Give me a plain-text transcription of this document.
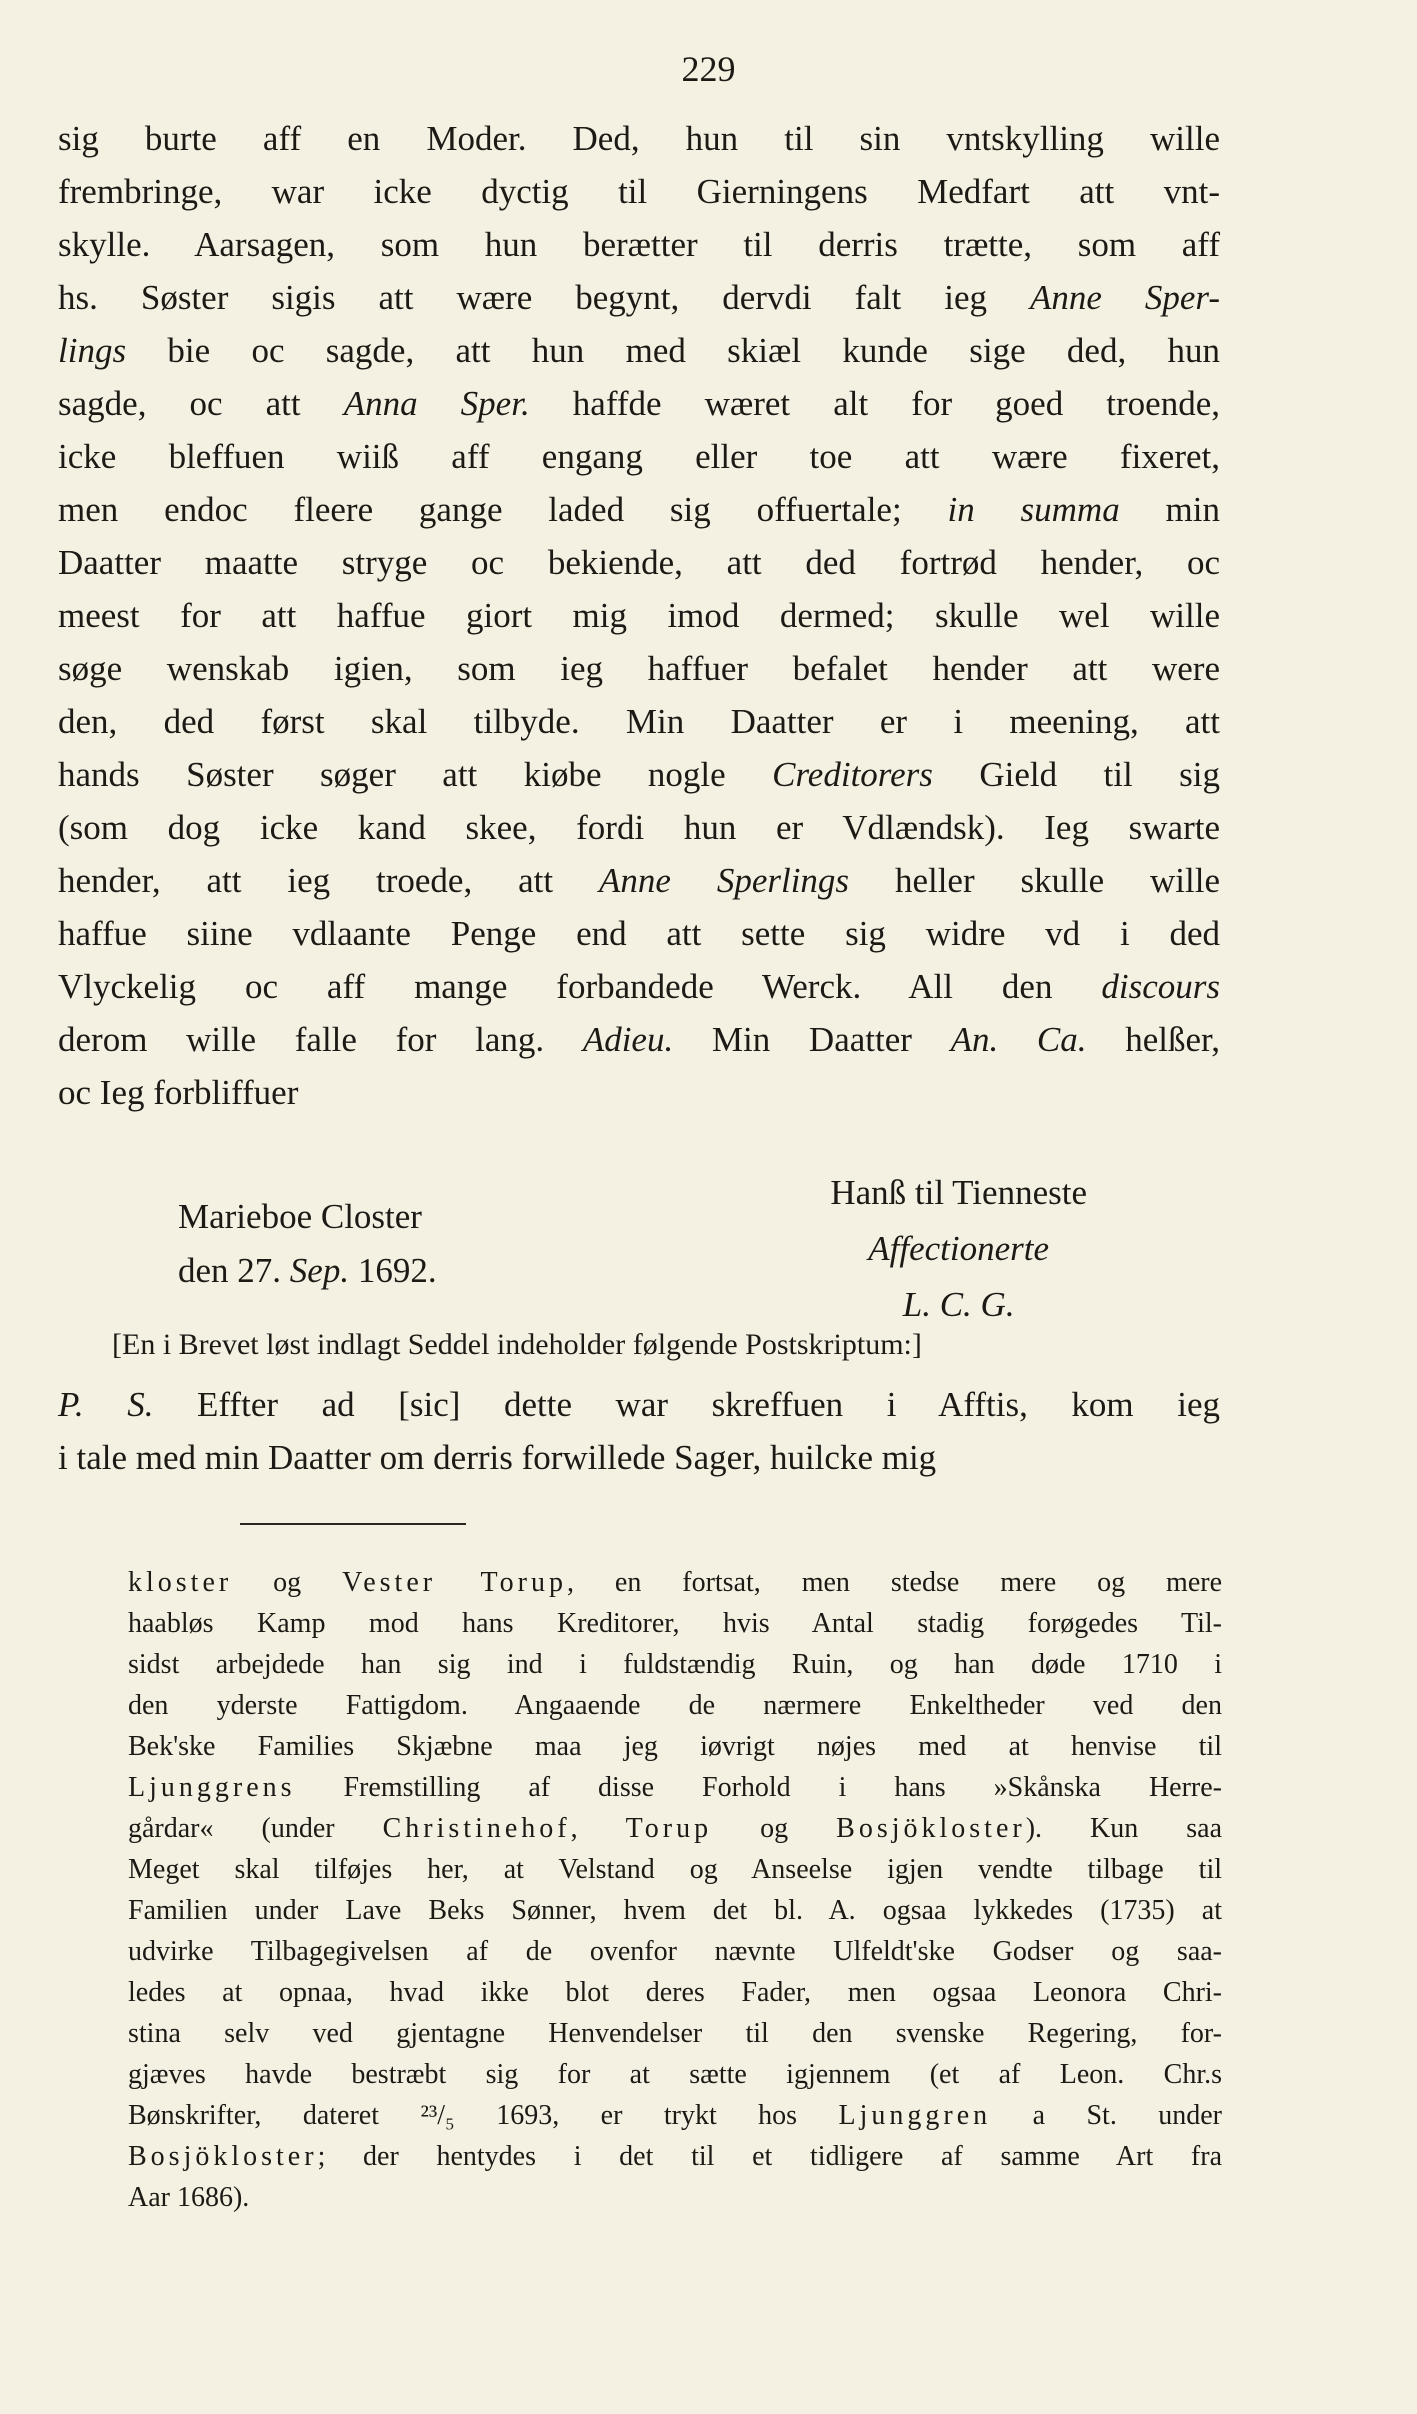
229
sig burte aff en Moder. Ded, hun til sin vntskylling wille
frembringe, war icke dyctig til Gierningens Medfart att vnt-
skylle. Aarsagen, som hun berætter til derris trætte, som aff
hs. Søster sigis att wære begynt, dervdi falt ieg Anne Sper-
lings bie oc sagde, att hun med skiæl kunde sige ded, hun
sagde, oc att Anna Sper. haffde wæret alt for goed troende,
icke bleffuen wiiß aff engang eller toe att wære fixeret,
men endoc fleere gange laded sig offuertale; in summa min
Daatter maatte stryge oc bekiende, att ded fortrød hender, oc
meest for att haffue giort mig imod dermed; skulle wel wille
søge wenskab igien, som ieg haffuer befalet hender att were
den, ded først skal tilbyde. Min Daatter er i meening, att
hands Søster søger att kiøbe nogle Creditorers Gield til sig
(som dog icke kand skee, fordi hun er Vdlændsk). Ieg swarte
hender, att ieg troede, att Anne Sperlings heller skulle wille
haffue siine vdlaante Penge end att sette sig widre vd i ded
Vlyckelig oc aff mange forbandede Werck. All den discours
derom wille falle for lang. Adieu. Min Daatter An. Ca. helßer,
oc Ieg forbliffuer
Marieboe Closter
den 27. Sep. 1692.
Hanß til Tienneste
Affectionerte
L. C. G.
[En i Brevet løst indlagt Seddel indeholder følgende Postskriptum:]
P. S. Effter ad [sic] dette war skreffuen i Afftis, kom ieg
i tale med min Daatter om derris forwillede Sager, huilcke mig
kloster og Vester Torup, en fortsat, men stedse mere og mere
haabløs Kamp mod hans Kreditorer, hvis Antal stadig forøgedes Til-
sidst arbejdede han sig ind i fuldstændig Ruin, og han døde 1710 i
den yderste Fattigdom. Angaaende de nærmere Enkeltheder ved den
Bek'ske Families Skjæbne maa jeg iøvrigt nøjes med at henvise til
Ljunggrens Fremstilling af disse Forhold i hans »Skånska Herre-
gårdar« (under Christinehof, Torup og Bosjökloster). Kun saa
Meget skal tilføjes her, at Velstand og Anseelse igjen vendte tilbage til
Familien under Lave Beks Sønner, hvem det bl. A. ogsaa lykkedes (1735) at
udvirke Tilbagegivelsen af de ovenfor nævnte Ulfeldt'ske Godser og saa-
ledes at opnaa, hvad ikke blot deres Fader, men ogsaa Leonora Chri-
stina selv ved gjentagne Henvendelser til den svenske Regering, for-
gjæves havde bestræbt sig for at sætte igjennem (et af Leon. Chr.s
Bønskrifter, dateret ²³/₅ 1693, er trykt hos Ljunggren a St. under
Bosjökloster; der hentydes i det til et tidligere af samme Art fra
Aar 1686).
